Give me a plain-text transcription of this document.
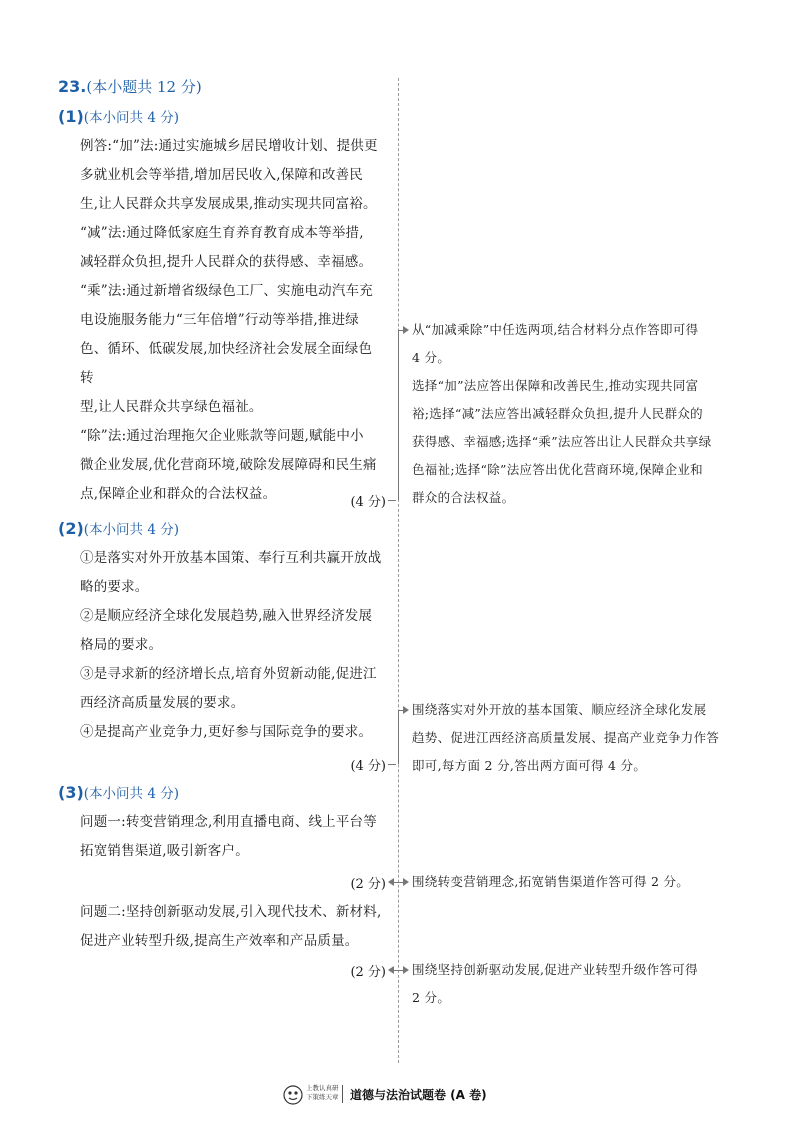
23.(本小题共 12 分)
(1)(本小问共 4 分)
例答:“加”法:通过实施城乡居民增收计划、提供更
多就业机会等举措,增加居民收入,保障和改善民
生,让人民群众共享发展成果,推动实现共同富裕。
“减”法:通过降低家庭生育养育教育成本等举措,
减轻群众负担,提升人民群众的获得感、幸福感。
“乘”法:通过新增省级绿色工厂、实施电动汽车充
电设施服务能力“三年倍增”行动等举措,推进绿
色、循环、低碳发展,加快经济社会发展全面绿色转
型,让人民群众共享绿色福祉。
“除”法:通过治理拖欠企业账款等问题,赋能中小
微企业发展,优化营商环境,破除发展障碍和民生痛
点,保障企业和群众的合法权益。
(4 分)
从“加减乘除”中任选两项,结合材料分点作答即可得
4 分。
选择“加”法应答出保障和改善民生,推动实现共同富
裕;选择“减”法应答出减轻群众负担,提升人民群众的
获得感、幸福感;选择“乘”法应答出让人民群众共享绿
色福祉;选择“除”法应答出优化营商环境,保障企业和
群众的合法权益。
(2)(本小问共 4 分)
①是落实对外开放基本国策、奉行互利共赢开放战
略的要求。
②是顺应经济全球化发展趋势,融入世界经济发展
格局的要求。
③是寻求新的经济增长点,培育外贸新动能,促进江
西经济高质量发展的要求。
④是提高产业竞争力,更好参与国际竞争的要求。
(4 分)
围绕落实对外开放的基本国策、顺应经济全球化发展
趋势、促进江西经济高质量发展、提高产业竞争力作答
即可,每方面 2 分,答出两方面可得 4 分。
(3)(本小问共 4 分)
问题一:转变营销理念,利用直播电商、线上平台等
拓宽销售渠道,吸引新客户。
(2 分) 围绕转变营销理念,拓宽销售渠道作答可得 2 分。
问题二:坚持创新驱动发展,引入现代技术、新材料,
促进产业转型升级,提高生产效率和产品质量。
(2 分) 围绕坚持创新驱动发展,促进产业转型升级作答可得
2 分。
上教认真研
下策练天章 道德与法治试题卷 (A 卷)
